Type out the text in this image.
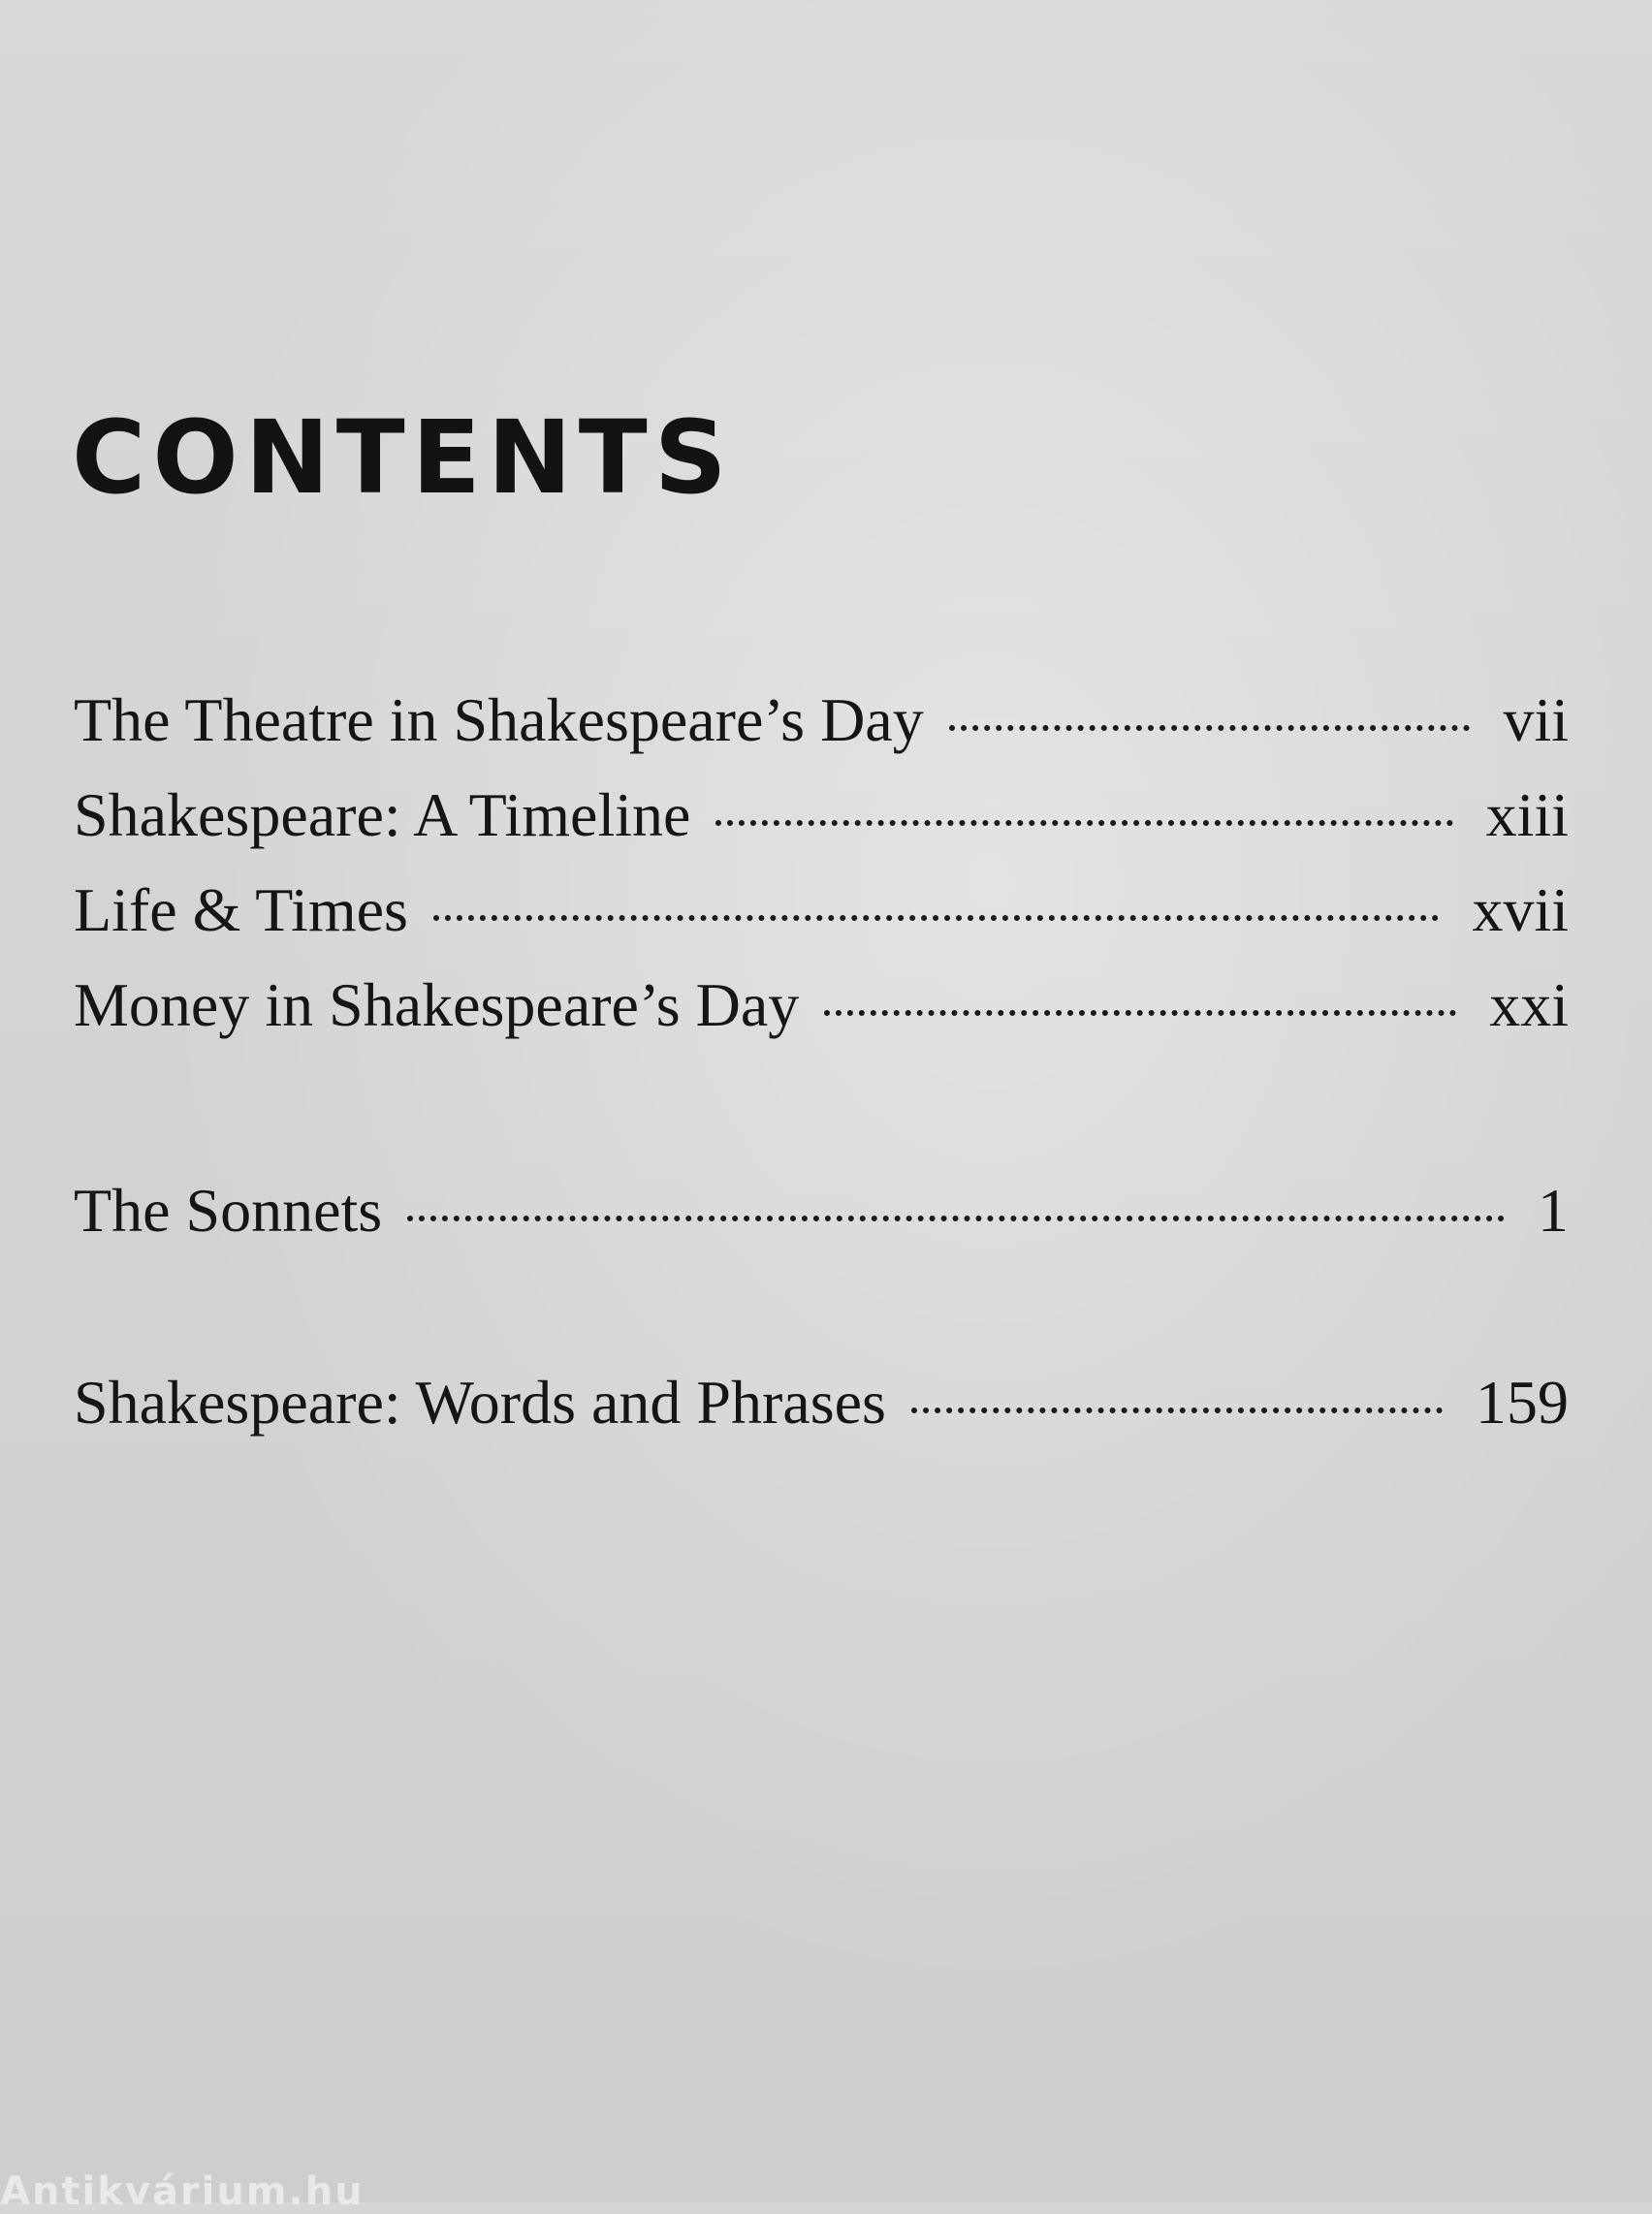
CONTENTS
The Theatre in Shakespeare’s Day	vii
Shakespeare: A Timeline	xiii
Life & Times	xvii
Money in Shakespeare’s Day	xxi
The Sonnets	1
Shakespeare: Words and Phrases	159
Antikvárium.hu
